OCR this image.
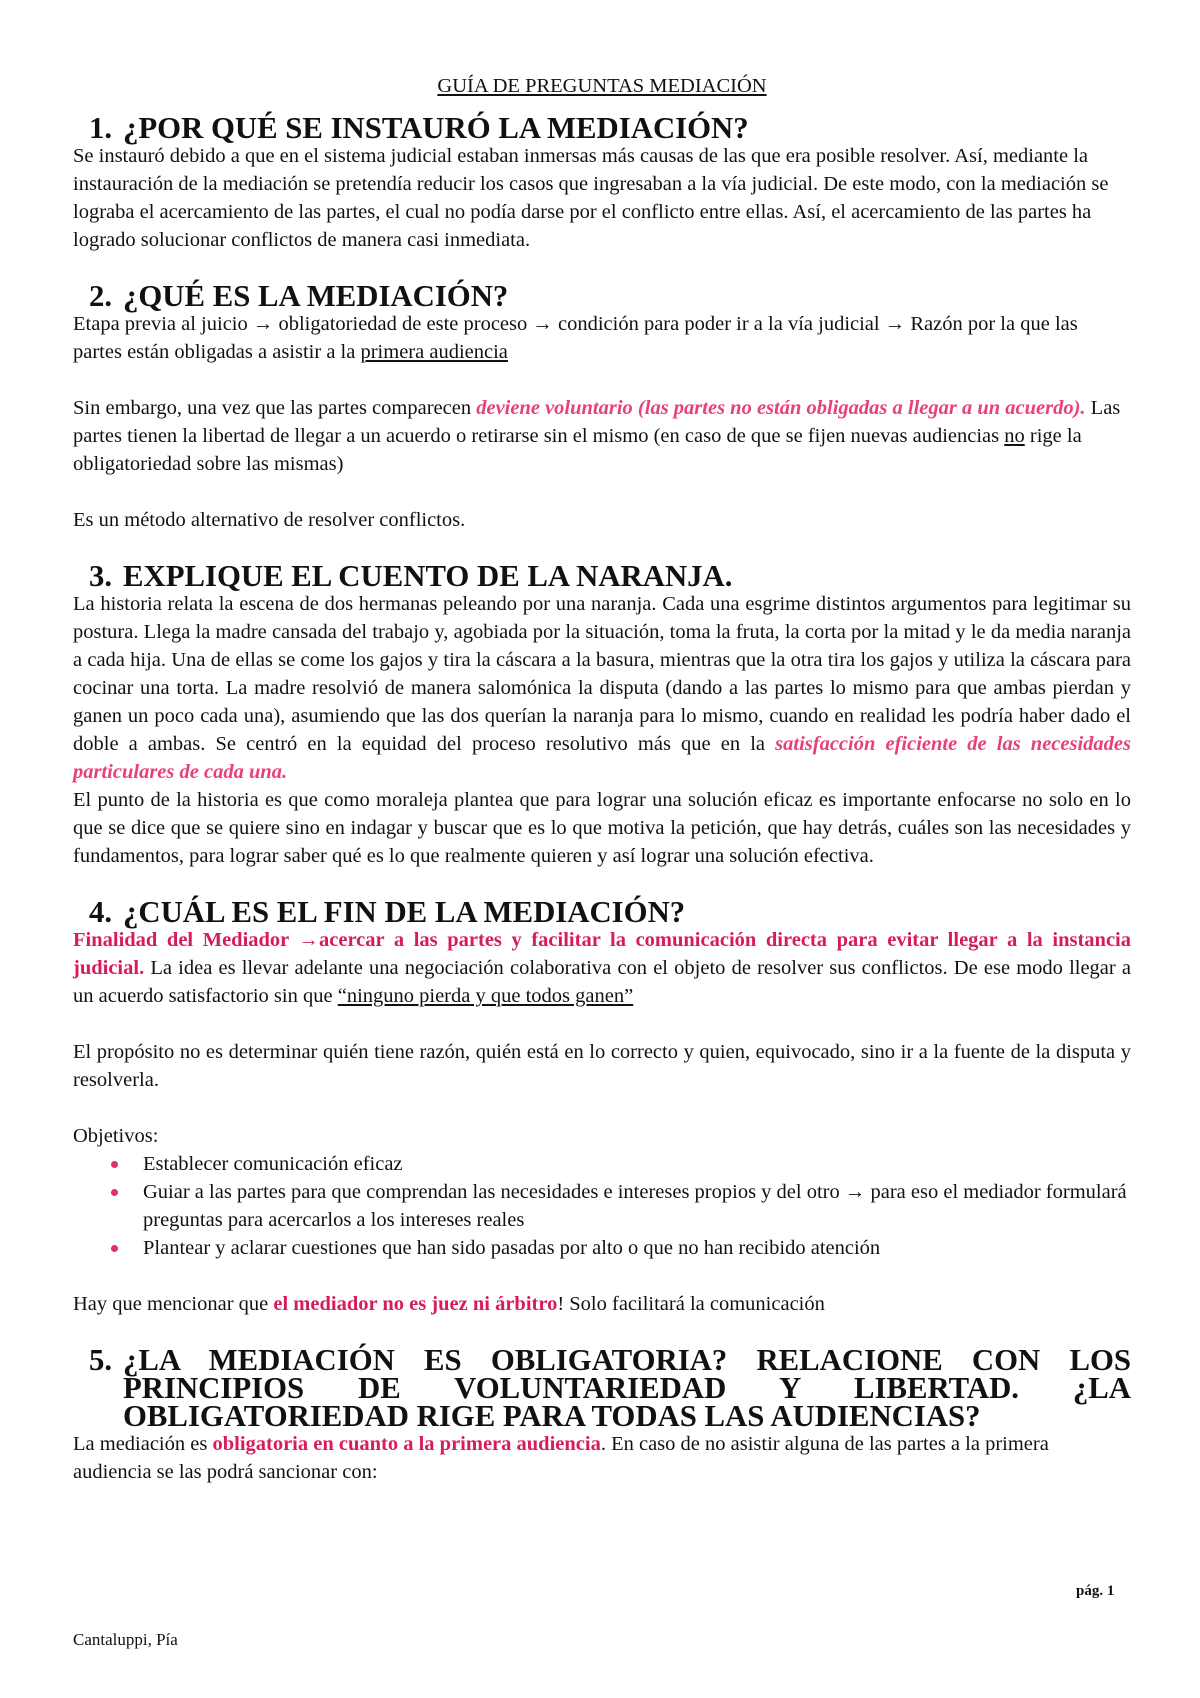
GUÍA DE PREGUNTAS MEDIACIÓN
1. ¿POR QUÉ SE INSTAURÓ LA MEDIACIÓN?

Se instauró debido a que en el sistema judicial estaban inmersas más causas de las que era posible resolver. Así, mediante la instauración de la mediación se pretendía reducir los casos que ingresaban a la vía judicial. De este modo, con la mediación se lograba el acercamiento de las partes, el cual no podía darse por el conflicto entre ellas. Así, el acercamiento de las partes ha logrado solucionar conflictos de manera casi inmediata.

2. ¿QUÉ ES LA MEDIACIÓN?

Etapa previa al juicio → obligatoriedad de este proceso → condición para poder ir a la vía judicial → Razón por la que las partes están obligadas a asistir a la primera audiencia

Sin embargo, una vez que las partes comparecen deviene voluntario (las partes no están obligadas a llegar a un acuerdo). Las partes tienen la libertad de llegar a un acuerdo o retirarse sin el mismo (en caso de que se fijen nuevas audiencias no rige la obligatoriedad sobre las mismas)

Es un método alternativo de resolver conflictos.

3. EXPLIQUE EL CUENTO DE LA NARANJA.

La historia relata la escena de dos hermanas peleando por una naranja. Cada una esgrime distintos argumentos para legitimar su postura. Llega la madre cansada del trabajo y, agobiada por la situación, toma la fruta, la corta por la mitad y le da media naranja a cada hija. Una de ellas se come los gajos y tira la cáscara a la basura, mientras que la otra tira los gajos y utiliza la cáscara para cocinar una torta. La madre resolvió de manera salomónica la disputa (dando a las partes lo mismo para que ambas pierdan y ganen un poco cada una), asumiendo que las dos querían la naranja para lo mismo, cuando en realidad les podría haber dado el doble a ambas. Se centró en la equidad del proceso resolutivo más que en la satisfacción eficiente de las necesidades particulares de cada una.

El punto de la historia es que como moraleja plantea que para lograr una solución eficaz es importante enfocarse no solo en lo que se dice que se quiere sino en indagar y buscar que es lo que motiva la petición, que hay detrás, cuáles son las necesidades y fundamentos, para lograr saber qué es lo que realmente quieren y así lograr una solución efectiva.

4. ¿CUÁL ES EL FIN DE LA MEDIACIÓN?

Finalidad del Mediador →acercar a las partes y facilitar la comunicación directa para evitar llegar a la instancia judicial. La idea es llevar adelante una negociación colaborativa con el objeto de resolver sus conflictos. De ese modo llegar a un acuerdo satisfactorio sin que “ninguno pierda y que todos ganen”

El propósito no es determinar quién tiene razón, quién está en lo correcto y quien, equivocado, sino ir a la fuente de la disputa y resolverla.

Objetivos:

Establecer comunicación eficaz
Guiar a las partes para que comprendan las necesidades e intereses propios y del otro → para eso el mediador formulará preguntas para acercarlos a los intereses reales
Plantear y aclarar cuestiones que han sido pasadas por alto o que no han recibido atención

Hay que mencionar que el mediador no es juez ni árbitro! Solo facilitará la comunicación

5. ¿LA MEDIACIÓN ES OBLIGATORIA? RELACIONE CON LOS PRINCIPIOS DE VOLUNTARIEDAD Y LIBERTAD. ¿LA OBLIGATORIEDAD RIGE PARA TODAS LAS AUDIENCIAS?

La mediación es obligatoria en cuanto a la primera audiencia. En caso de no asistir alguna de las partes a la primera audiencia se las podrá sancionar con:

pág. 1
Cantaluppi, Pía
